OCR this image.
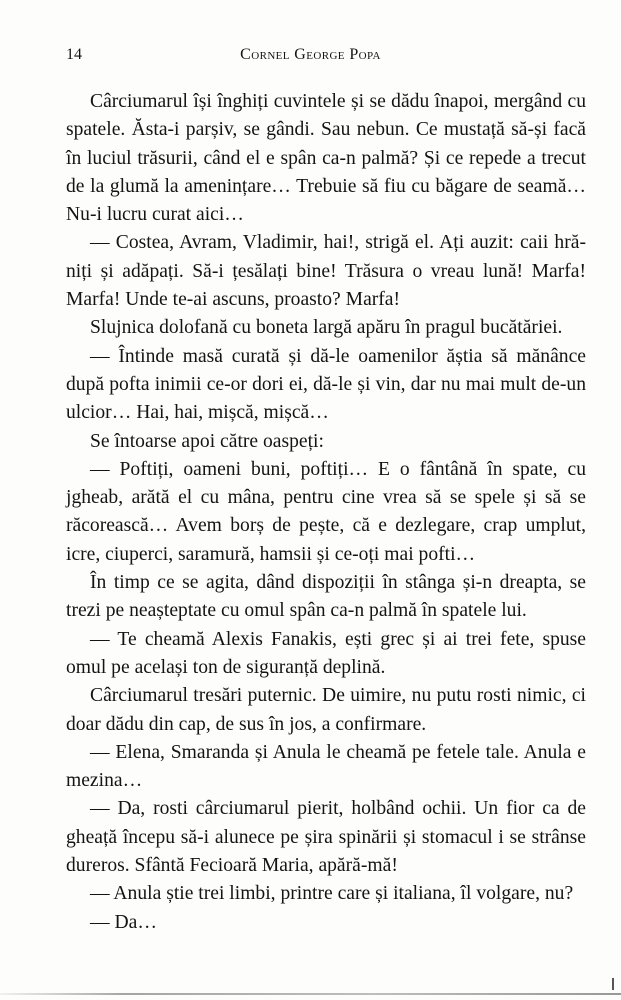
14	Cornel George Popa

Cârciumarul își înghiți cuvintele și se dădu înapoi, mergând cu spatele. Ăsta-i parșiv, se gândi. Sau nebun. Ce mustață să-și facă în luciul trăsurii, când el e spân ca-n palmă? Și ce repede a trecut de la glumă la amenințare… Trebuie să fiu cu băgare de seamă… Nu-i lucru curat aici…

— Costea, Avram, Vladimir, hai!, strigă el. Ați auzit: caii hrăniți și adăpați. Să-i țesălați bine! Trăsura o vreau lună! Marfa! Marfa! Unde te-ai ascuns, proasto? Marfa!

Slujnica dolofană cu boneta largă apăru în pragul bucătăriei.

— Întinde masă curată și dă-le oamenilor ăștia să mănânce după pofta inimii ce-or dori ei, dă-le și vin, dar nu mai mult de-un ulcior… Hai, hai, mișcă, mișcă…

Se întoarse apoi către oaspeți:

— Poftiți, oameni buni, poftiți… E o fântână în spate, cu jgheab, arătă el cu mâna, pentru cine vrea să se spele și să se răcorească… Avem borș de pește, că e dezlegare, crap umplut, icre, ciuperci, saramură, hamsii și ce-oți mai pofti…

În timp ce se agita, dând dispoziții în stânga și-n dreapta, se trezi pe neașteptate cu omul spân ca-n palmă în spatele lui.

— Te cheamă Alexis Fanakis, ești grec și ai trei fete, spuse omul pe același ton de siguranță deplină.

Cârciumarul tresări puternic. De uimire, nu putu rosti nimic, ci doar dădu din cap, de sus în jos, a confirmare.

— Elena, Smaranda și Anula le cheamă pe fetele tale. Anula e mezina…

— Da, rosti cârciumarul pierit, holbând ochii. Un fior ca de gheață începu să-i alunece pe șira spinării și stomacul i se strânse dureros. Sfântă Fecioară Maria, apără-mă!

— Anula știe trei limbi, printre care și italiana, îl volgare, nu?

— Da…
